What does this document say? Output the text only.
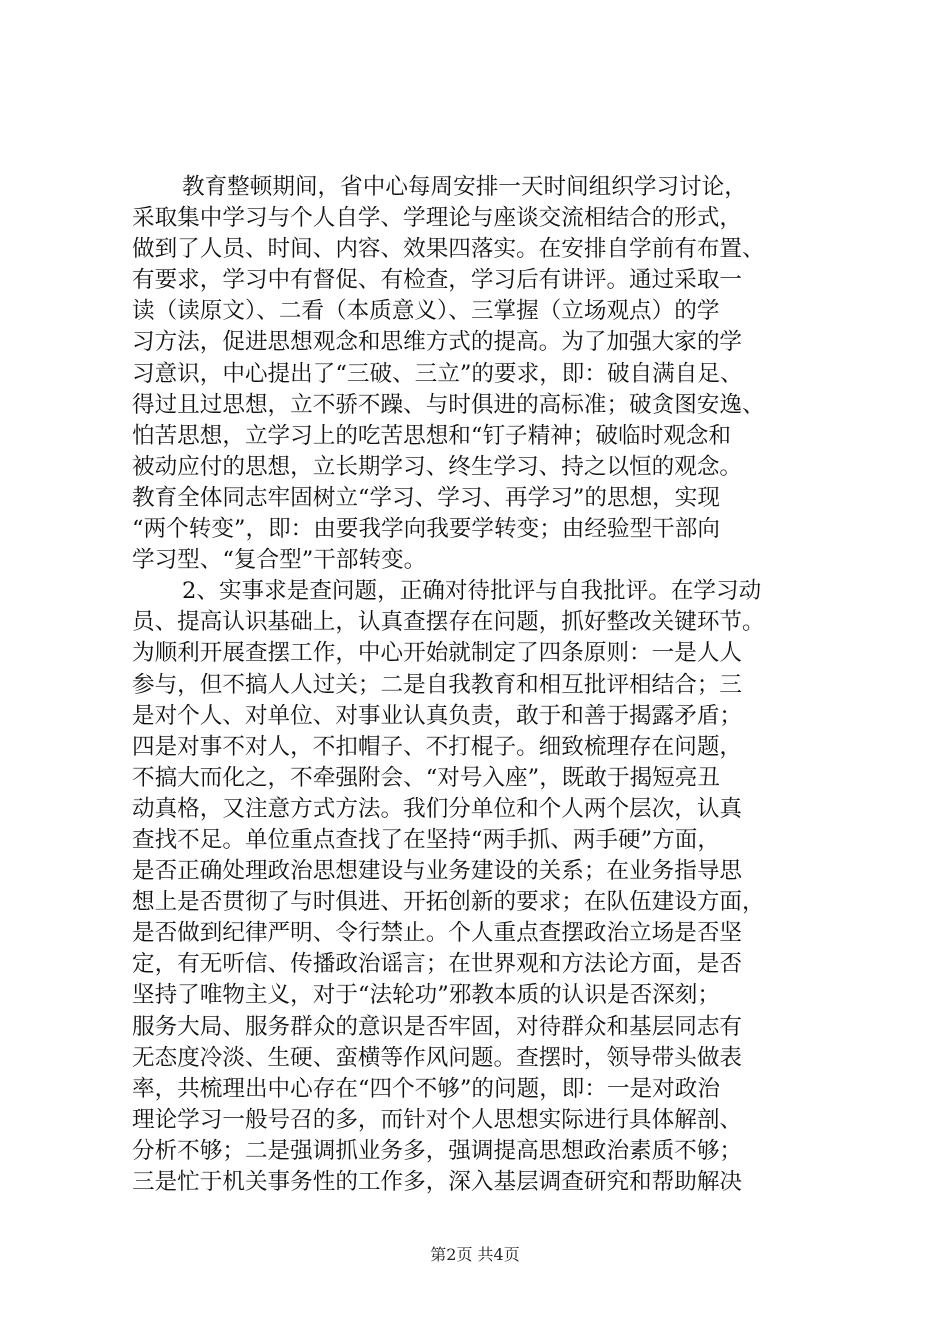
教育整顿期间，省中心每周安排一天时间组织学习讨论，
采取集中学习与个人自学、学理论与座谈交流相结合的形式，
做到了人员、时间、内容、效果四落实。在安排自学前有布置、
有要求，学习中有督促、有检查，学习后有讲评。通过采取一
读（读原文）、二看（本质意义）、三掌握（立场观点）的学
习方法，促进思想观念和思维方式的提高。为了加强大家的学
习意识，中心提出了“三破、三立”的要求，即：破自满自足、
得过且过思想，立不骄不躁、与时俱进的高标准；破贪图安逸、
怕苦思想，立学习上的吃苦思想和“钉子精神；破临时观念和
被动应付的思想，立长期学习、终生学习、持之以恒的观念。
教育全体同志牢固树立“学习、学习、再学习”的思想，实现
“两个转变”，即：由要我学向我要学转变；由经验型干部向
学习型、“复合型”干部转变。
2、实事求是查问题，正确对待批评与自我批评。在学习动
员、提高认识基础上，认真查摆存在问题，抓好整改关键环节。
为顺利开展查摆工作，中心开始就制定了四条原则：一是人人
参与，但不搞人人过关；二是自我教育和相互批评相结合；三
是对个人、对单位、对事业认真负责，敢于和善于揭露矛盾；
四是对事不对人，不扣帽子、不打棍子。细致梳理存在问题，
不搞大而化之，不牵强附会、“对号入座”，既敢于揭短亮丑
动真格，又注意方式方法。我们分单位和个人两个层次，认真
查找不足。单位重点查找了在坚持“两手抓、两手硬”方面，
是否正确处理政治思想建设与业务建设的关系；在业务指导思
想上是否贯彻了与时俱进、开拓创新的要求；在队伍建设方面，
是否做到纪律严明、令行禁止。个人重点查摆政治立场是否坚
定，有无听信、传播政治谣言；在世界观和方法论方面，是否
坚持了唯物主义，对于“法轮功”邪教本质的认识是否深刻；
服务大局、服务群众的意识是否牢固，对待群众和基层同志有
无态度冷淡、生硬、蛮横等作风问题。查摆时，领导带头做表
率，共梳理出中心存在“四个不够”的问题，即：一是对政治
理论学习一般号召的多，而针对个人思想实际进行具体解剖、
分析不够；二是强调抓业务多，强调提高思想政治素质不够；
三是忙于机关事务性的工作多，深入基层调查研究和帮助解决
第2页 共4页
